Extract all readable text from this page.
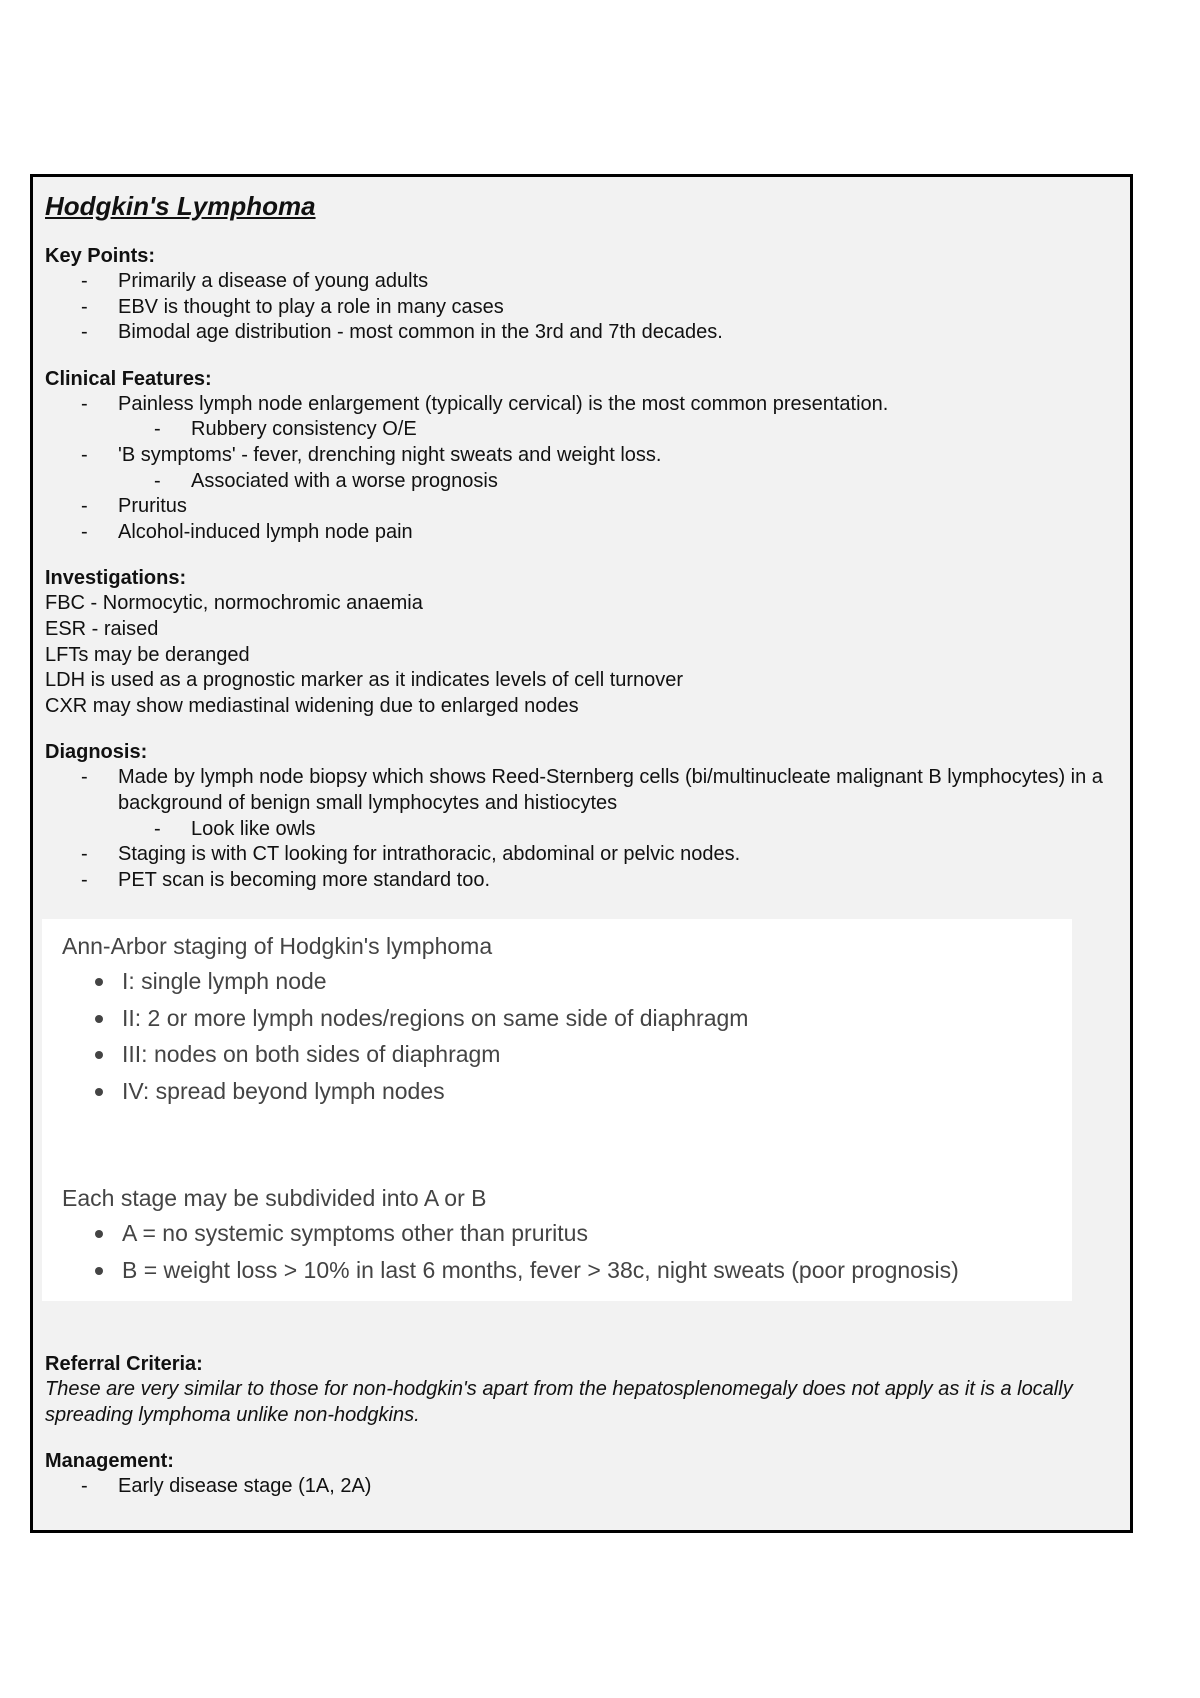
Hodgkin's Lymphoma
Key Points:
- Primarily a disease of young adults
- EBV is thought to play a role in many cases
- Bimodal age distribution - most common in the 3rd and 7th decades.
Clinical Features:
- Painless lymph node enlargement (typically cervical) is the most common presentation.
- Rubbery consistency O/E
- 'B symptoms' - fever, drenching night sweats and weight loss.
- Associated with a worse prognosis
- Pruritus
- Alcohol-induced lymph node pain
Investigations:
FBC - Normocytic, normochromic anaemia
ESR - raised
LFTs may be deranged
LDH is used as a prognostic marker as it indicates levels of cell turnover
CXR may show mediastinal widening due to enlarged nodes
Diagnosis:
- Made by lymph node biopsy which shows Reed-Sternberg cells (bi/multinucleate malignant B lymphocytes) in a background of benign small lymphocytes and histiocytes
- Look like owls
- Staging is with CT looking for intrathoracic, abdominal or pelvic nodes.
- PET scan is becoming more standard too.
Ann-Arbor staging of Hodgkin's lymphoma
I: single lymph node
II: 2 or more lymph nodes/regions on same side of diaphragm
III: nodes on both sides of diaphragm
IV: spread beyond lymph nodes
Each stage may be subdivided into A or B
A = no systemic symptoms other than pruritus
B = weight loss > 10% in last 6 months, fever > 38c, night sweats (poor prognosis)
Referral Criteria:
These are very similar to those for non-hodgkin's apart from the hepatosplenomegaly does not apply as it is a locally spreading lymphoma unlike non-hodgkins.
Management:
- Early disease stage (1A, 2A)
